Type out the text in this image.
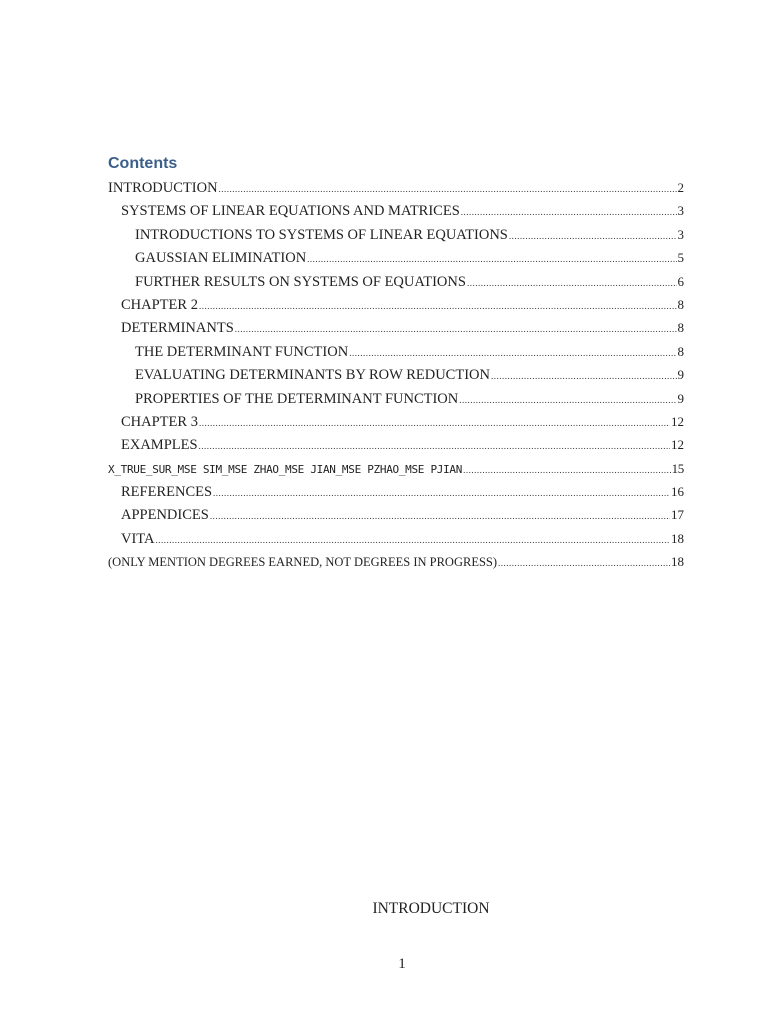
Contents
INTRODUCTION .....	2
SYSTEMS OF LINEAR EQUATIONS AND MATRICES .....	3
INTRODUCTIONS TO SYSTEMS OF LINEAR EQUATIONS .....	3
GAUSSIAN ELIMINATION .....	5
FURTHER RESULTS ON SYSTEMS OF EQUATIONS .....	6
CHAPTER 2 .....	8
DETERMINANTS .....	8
THE DETERMINANT FUNCTION .....	8
EVALUATING DETERMINANTS BY ROW REDUCTION .....	9
PROPERTIES OF THE DETERMINANT FUNCTION .....	9
CHAPTER 3 .....	12
EXAMPLES .....	12
X_TRUE_SUR_MSE SIM_MSE ZHAO_MSE JIAN_MSE PZHAO_MSE PJIAN .....	15
REFERENCES .....	16
APPENDICES .....	17
VITA .....	18
(ONLY MENTION DEGREES EARNED, NOT DEGREES IN PROGRESS) .....	18
INTRODUCTION
1
